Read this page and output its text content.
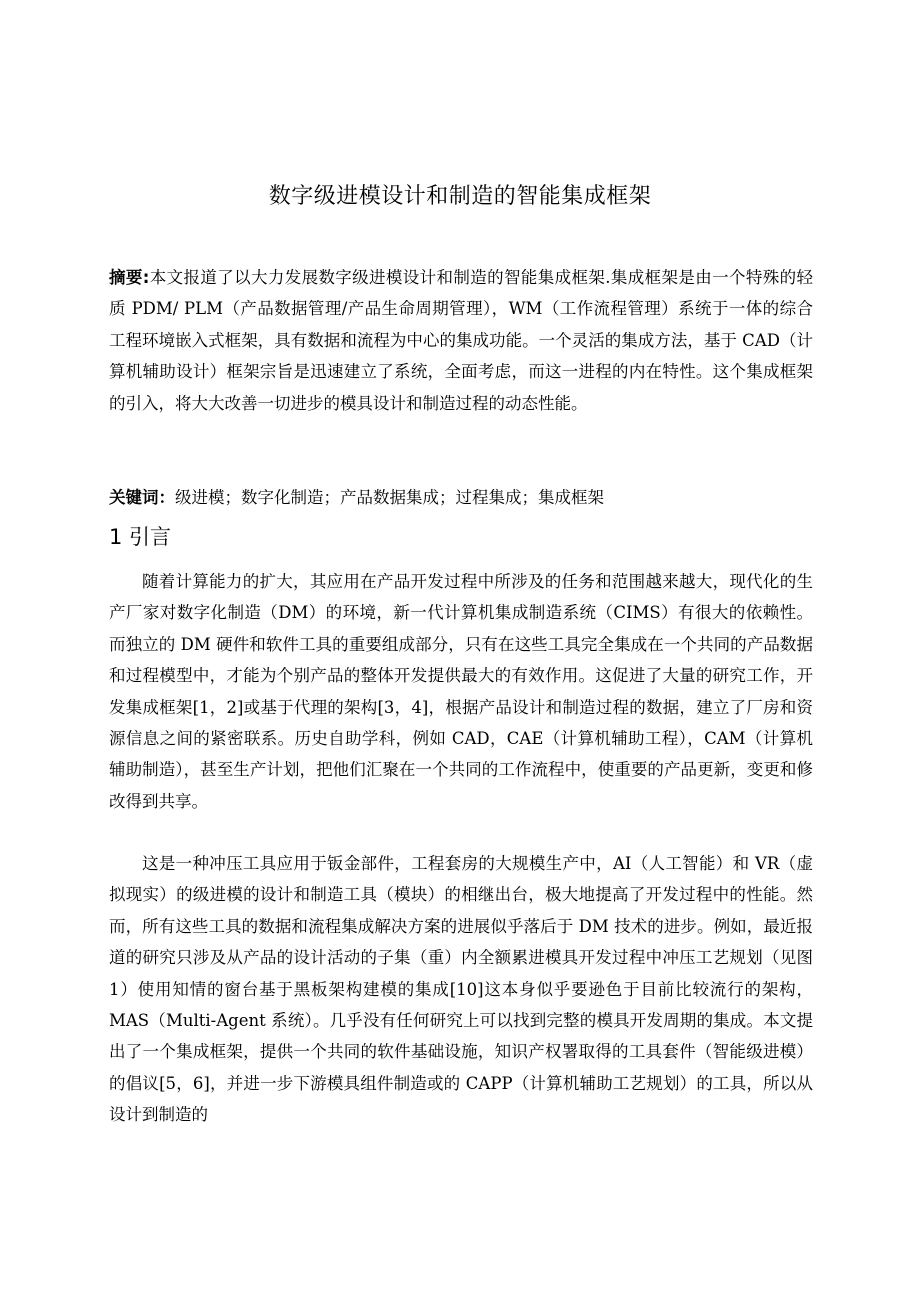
数字级进模设计和制造的智能集成框架
摘要:本文报道了以大力发展数字级进模设计和制造的智能集成框架.集成框架是由一个特殊的轻质 PDM/ PLM（产品数据管理/产品生命周期管理），WM（工作流程管理）系统于一体的综合工程环境嵌入式框架，具有数据和流程为中心的集成功能。一个灵活的集成方法，基于 CAD（计算机辅助设计）框架宗旨是迅速建立了系统，全面考虑，而这一进程的内在特性。这个集成框架的引入，将大大改善一切进步的模具设计和制造过程的动态性能。
关键词：级进模；数字化制造；产品数据集成；过程集成；集成框架
1 引言
随着计算能力的扩大，其应用在产品开发过程中所涉及的任务和范围越来越大，现代化的生产厂家对数字化制造（DM）的环境，新一代计算机集成制造系统（CIMS）有很大的依赖性。而独立的 DM 硬件和软件工具的重要组成部分，只有在这些工具完全集成在一个共同的产品数据和过程模型中，才能为个别产品的整体开发提供最大的有效作用。这促进了大量的研究工作，开发集成框架[1，2]或基于代理的架构[3，4]，根据产品设计和制造过程的数据，建立了厂房和资源信息之间的紧密联系。历史自助学科，例如 CAD，CAE（计算机辅助工程），CAM（计算机辅助制造），甚至生产计划，把他们汇聚在一个共同的工作流程中，使重要的产品更新，变更和修改得到共享。
这是一种冲压工具应用于钣金部件，工程套房的大规模生产中，AI（人工智能）和 VR（虚拟现实）的级进模的设计和制造工具（模块）的相继出台，极大地提高了开发过程中的性能。然而，所有这些工具的数据和流程集成解决方案的进展似乎落后于 DM 技术的进步。例如，最近报道的研究只涉及从产品的设计活动的子集（重）内全额累进模具开发过程中冲压工艺规划（见图 1）使用知情的窗台基于黑板架构建模的集成[10]这本身似乎要逊色于目前比较流行的架构，MAS（Multi-Agent 系统）。几乎没有任何研究上可以找到完整的模具开发周期的集成。本文提出了一个集成框架，提供一个共同的软件基础设施，知识产权署取得的工具套件（智能级进模）的倡议[5，6]，并进一步下游模具组件制造或的 CAPP（计算机辅助工艺规划）的工具，所以从设计到制造的
